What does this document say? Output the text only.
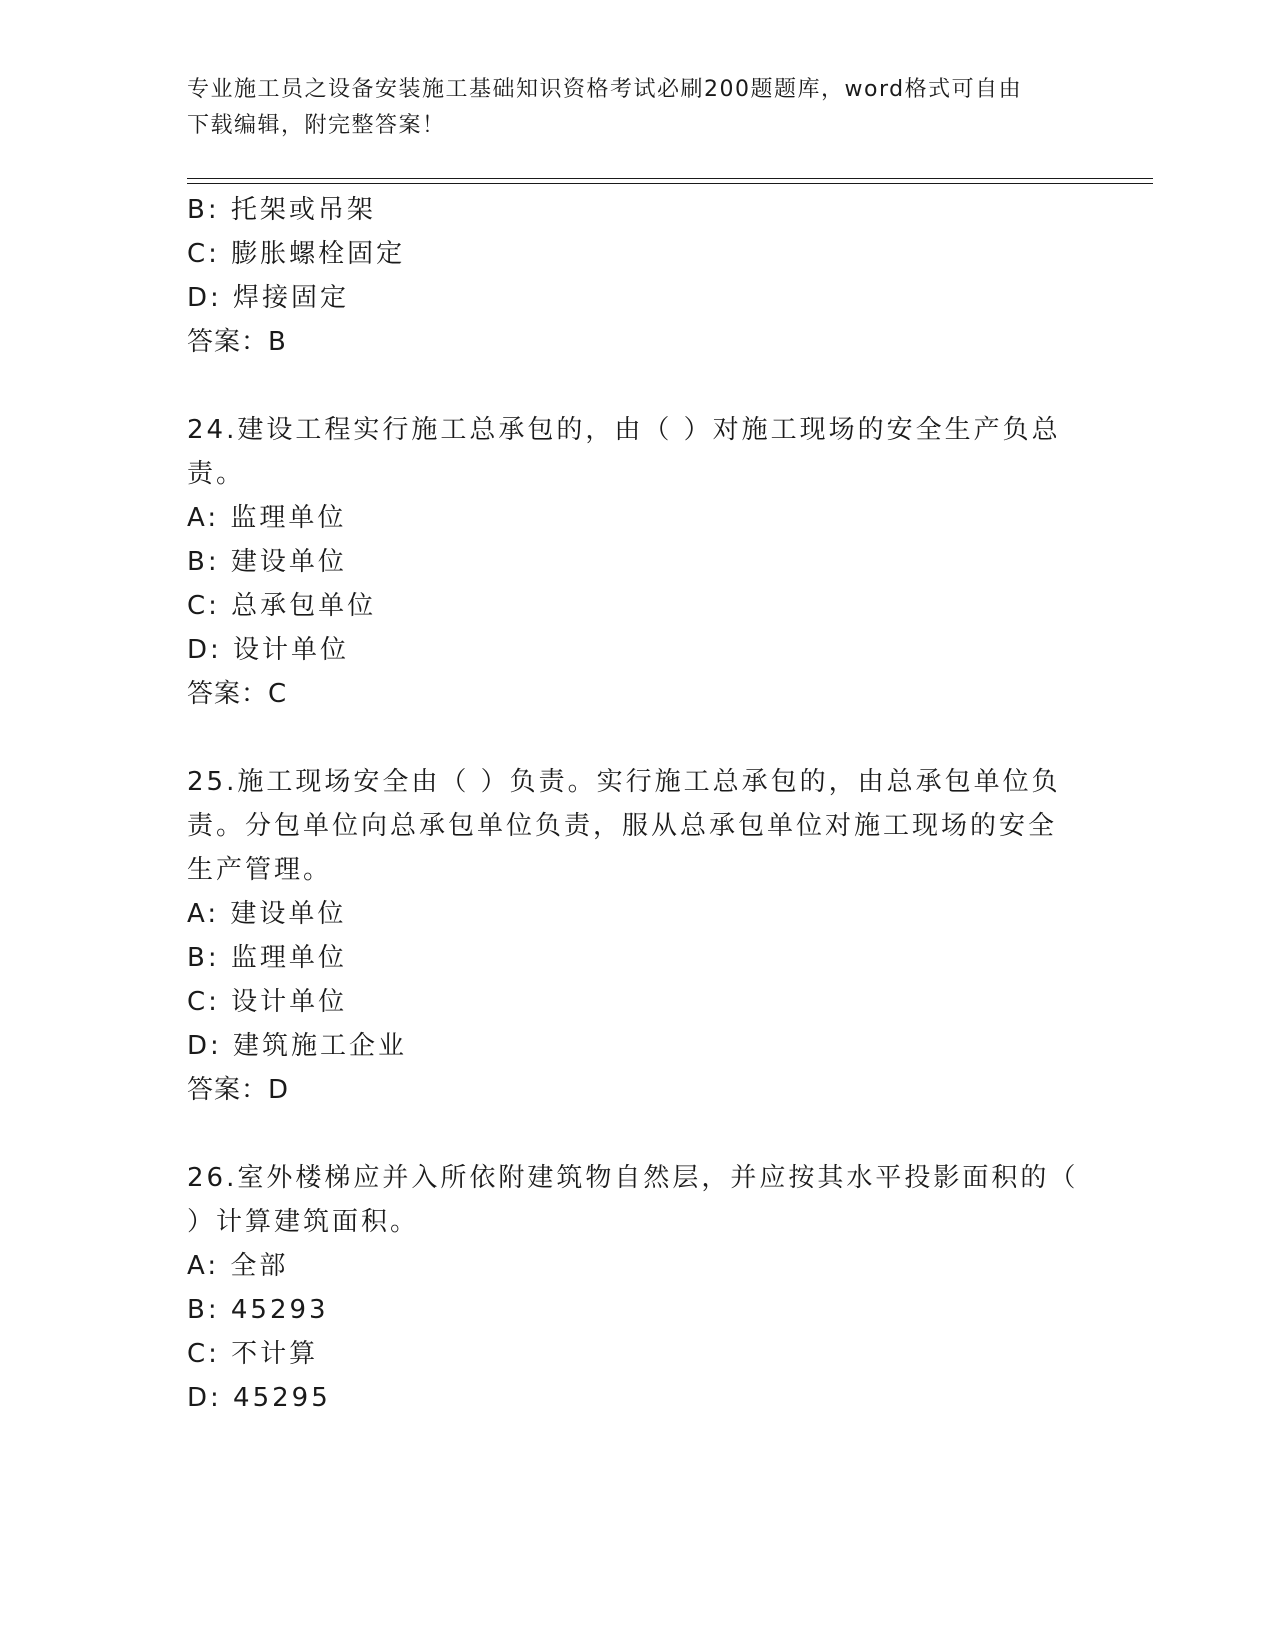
专业施工员之设备安装施工基础知识资格考试必刷200题题库，word格式可自由
下载编辑，附完整答案！
B: 托架或吊架
C: 膨胀螺栓固定
D: 焊接固定
答案：B
24.建设工程实行施工总承包的，由（ ）对施工现场的安全生产负总
责。
A: 监理单位
B: 建设单位
C: 总承包单位
D: 设计单位
答案：C
25.施工现场安全由（ ）负责。实行施工总承包的，由总承包单位负
责。分包单位向总承包单位负责，服从总承包单位对施工现场的安全
生产管理。
A: 建设单位
B: 监理单位
C: 设计单位
D: 建筑施工企业
答案：D
26.室外楼梯应并入所依附建筑物自然层，并应按其水平投影面积的（
）计算建筑面积。
A: 全部
B: 45293
C: 不计算
D: 45295
